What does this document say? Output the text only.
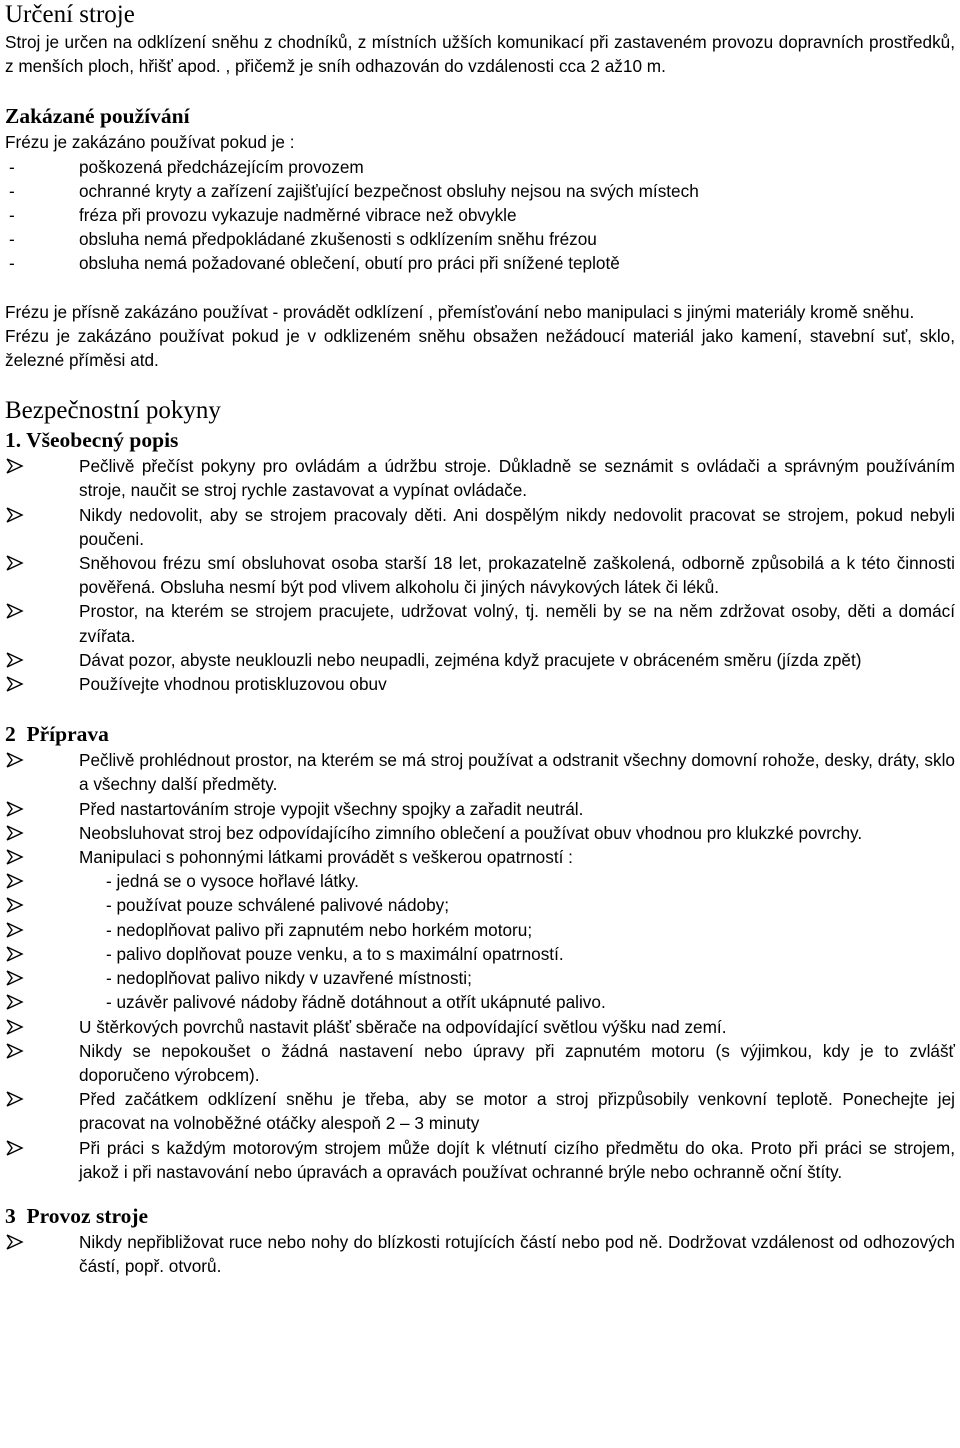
Určení stroje

Stroj je určen na odklízení sněhu z chodníků, z místních užších komunikací při zastaveném provozu dopravních prostředků, z menších ploch, hřišť apod. , přičemž je sníh odhazován do vzdálenosti cca 2 až10 m.

Zakázané používání

Frézu je zakázáno používat pokud je :

-	poškozená předcházejícím provozem
-	ochranné kryty a zařízení zajišťující bezpečnost obsluhy nejsou na svých místech
-	fréza při provozu vykazuje nadměrné vibrace než obvykle
-	obsluha nemá předpokládané zkušenosti s odklízením sněhu frézou
-	obsluha nemá požadované oblečení, obutí pro práci při snížené teplotě

Frézu je přísně zakázáno používat - provádět odklízení , přemísťování nebo manipulaci s jinými materiály kromě sněhu.

Frézu je zakázáno používat pokud je v odklizeném sněhu obsažen nežádoucí materiál jako kamení, stavební suť, sklo, železné příměsi atd.

Bezpečnostní pokyny
1. Všeobecný popis
Pečlivě přečíst pokyny pro ovládám a údržbu stroje. Důkladně se seznámit s ovládači a správným používáním stroje, naučit se stroj rychle zastavovat a vypínat ovládače.
Nikdy nedovolit, aby se strojem pracovaly děti. Ani dospělým nikdy nedovolit pracovat se strojem, pokud nebyli poučeni.
Sněhovou frézu smí obsluhovat osoba starší 18 let, prokazatelně zaškolená, odborně způsobilá a k této činnosti pověřená. Obsluha nesmí být pod vlivem alkoholu či jiných návykových látek či léků.
Prostor, na kterém se strojem pracujete, udržovat volný, tj. neměli by se na něm zdržovat osoby, děti a domácí zvířata.
Dávat pozor, abyste neuklouzli nebo neupadli, zejména když pracujete v obráceném směru (jízda zpět)
Používejte vhodnou protiskluzovou obuv
2  Příprava
Pečlivě prohlédnout prostor, na kterém se má stroj používat a odstranit všechny domovní rohože, desky, dráty, sklo a všechny další předměty.
Před nastartováním stroje vypojit všechny spojky a zařadit neutrál.
Neobsluhovat stroj bez odpovídajícího zimního oblečení a používat obuv vhodnou pro klukzké povrchy.
Manipulaci s pohonnými látkami provádět s veškerou opatrností :
- jedná se o vysoce hořlavé látky.
- používat pouze schválené palivové nádoby;
- nedoplňovat palivo při zapnutém nebo horkém motoru;
- palivo doplňovat pouze venku, a to s maximální opatrností.
- nedoplňovat palivo nikdy v uzavřené místnosti;
- uzávěr palivové nádoby řádně dotáhnout a otřít ukápnuté palivo.
U štěrkových povrchů nastavit plášť sběrače na odpovídající světlou výšku nad zemí.
Nikdy se nepokoušet o žádná nastavení nebo úpravy při zapnutém motoru (s výjimkou, kdy je to zvlášť doporučeno výrobcem).
Před začátkem odklízení sněhu je třeba, aby se motor a stroj přizpůsobily venkovní teplotě. Ponechejte jej pracovat na volnoběžné otáčky alespoň 2 – 3 minuty
Při práci s každým motorovým strojem může dojít k vlétnutí cizího předmětu do oka. Proto při práci se strojem, jakož i při nastavování nebo úpravách a opravách používat ochranné brýle nebo ochranně oční štíty.
3  Provoz stroje
Nikdy nepřibližovat ruce nebo nohy do blízkosti rotujících částí nebo pod ně. Dodržovat vzdálenost od odhozových částí, popř. otvorů.
